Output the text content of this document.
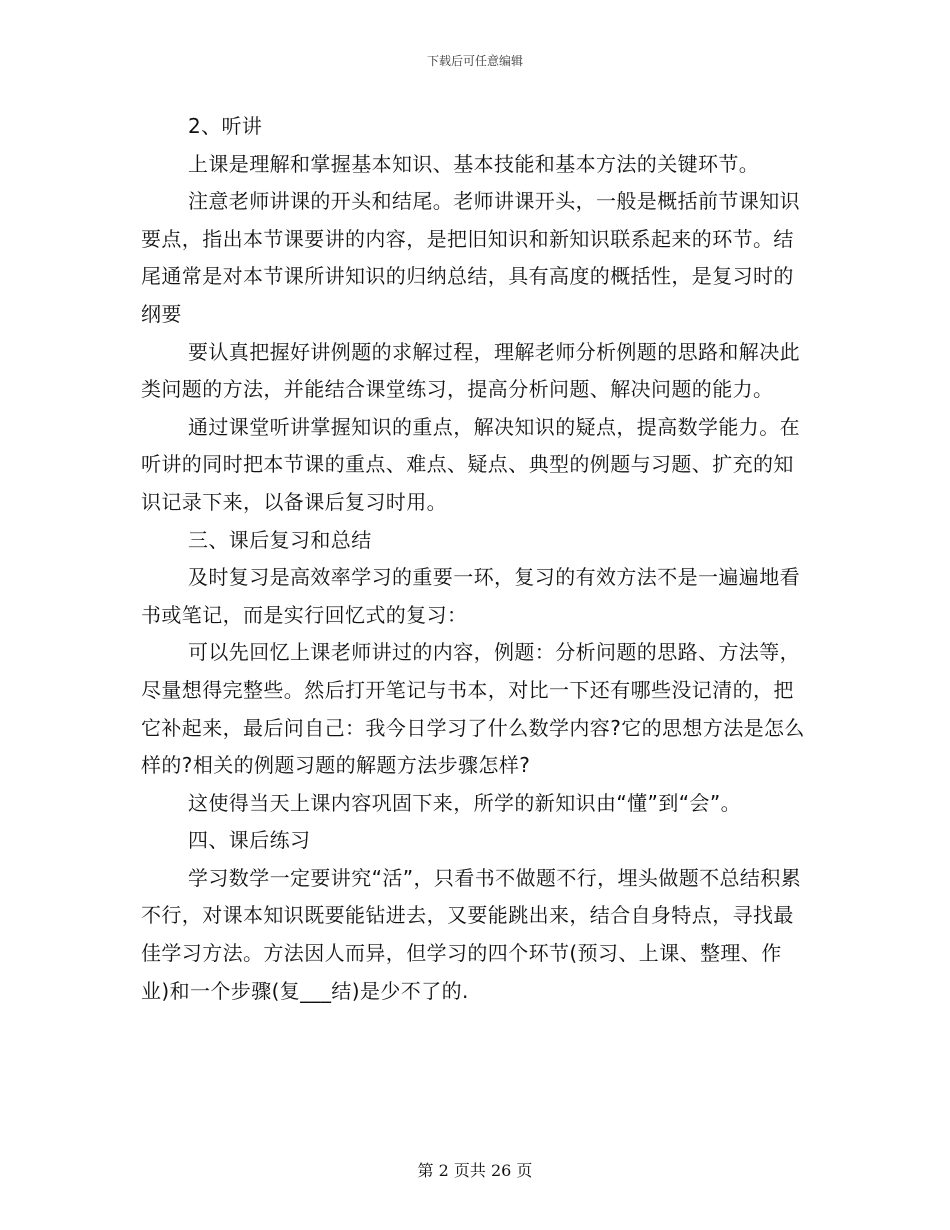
下载后可任意编辑

2、听讲

上课是理解和掌握基本知识、基本技能和基本方法的关键环节。

注意老师讲课的开头和结尾。老师讲课开头，一般是概括前节课知识要点，指出本节课要讲的内容，是把旧知识和新知识联系起来的环节。结尾通常是对本节课所讲知识的归纳总结，具有高度的概括性，是复习时的纲要

要认真把握好讲例题的求解过程，理解老师分析例题的思路和解决此类问题的方法，并能结合课堂练习，提高分析问题、解决问题的能力。

通过课堂听讲掌握知识的重点，解决知识的疑点，提高数学能力。在听讲的同时把本节课的重点、难点、疑点、典型的例题与习题、扩充的知识记录下来，以备课后复习时用。

三、课后复习和总结

及时复习是高效率学习的重要一环，复习的有效方法不是一遍遍地看书或笔记，而是实行回忆式的复习：

可以先回忆上课老师讲过的内容，例题：分析问题的思路、方法等，尽量想得完整些。然后打开笔记与书本，对比一下还有哪些没记清的，把它补起来，最后问自己：我今日学习了什么数学内容?它的思想方法是怎么样的?相关的例题习题的解题方法步骤怎样?

这使得当天上课内容巩固下来，所学的新知识由“懂”到“会”。

四、课后练习

学习数学一定要讲究“活”，只看书不做题不行，埋头做题不总结积累不行，对课本知识既要能钻进去，又要能跳出来，结合自身特点，寻找最佳学习方法。方法因人而异，但学习的四个环节(预习、上课、整理、作业)和一个步骤(复___结)是少不了的.

第 2 页共 26 页
